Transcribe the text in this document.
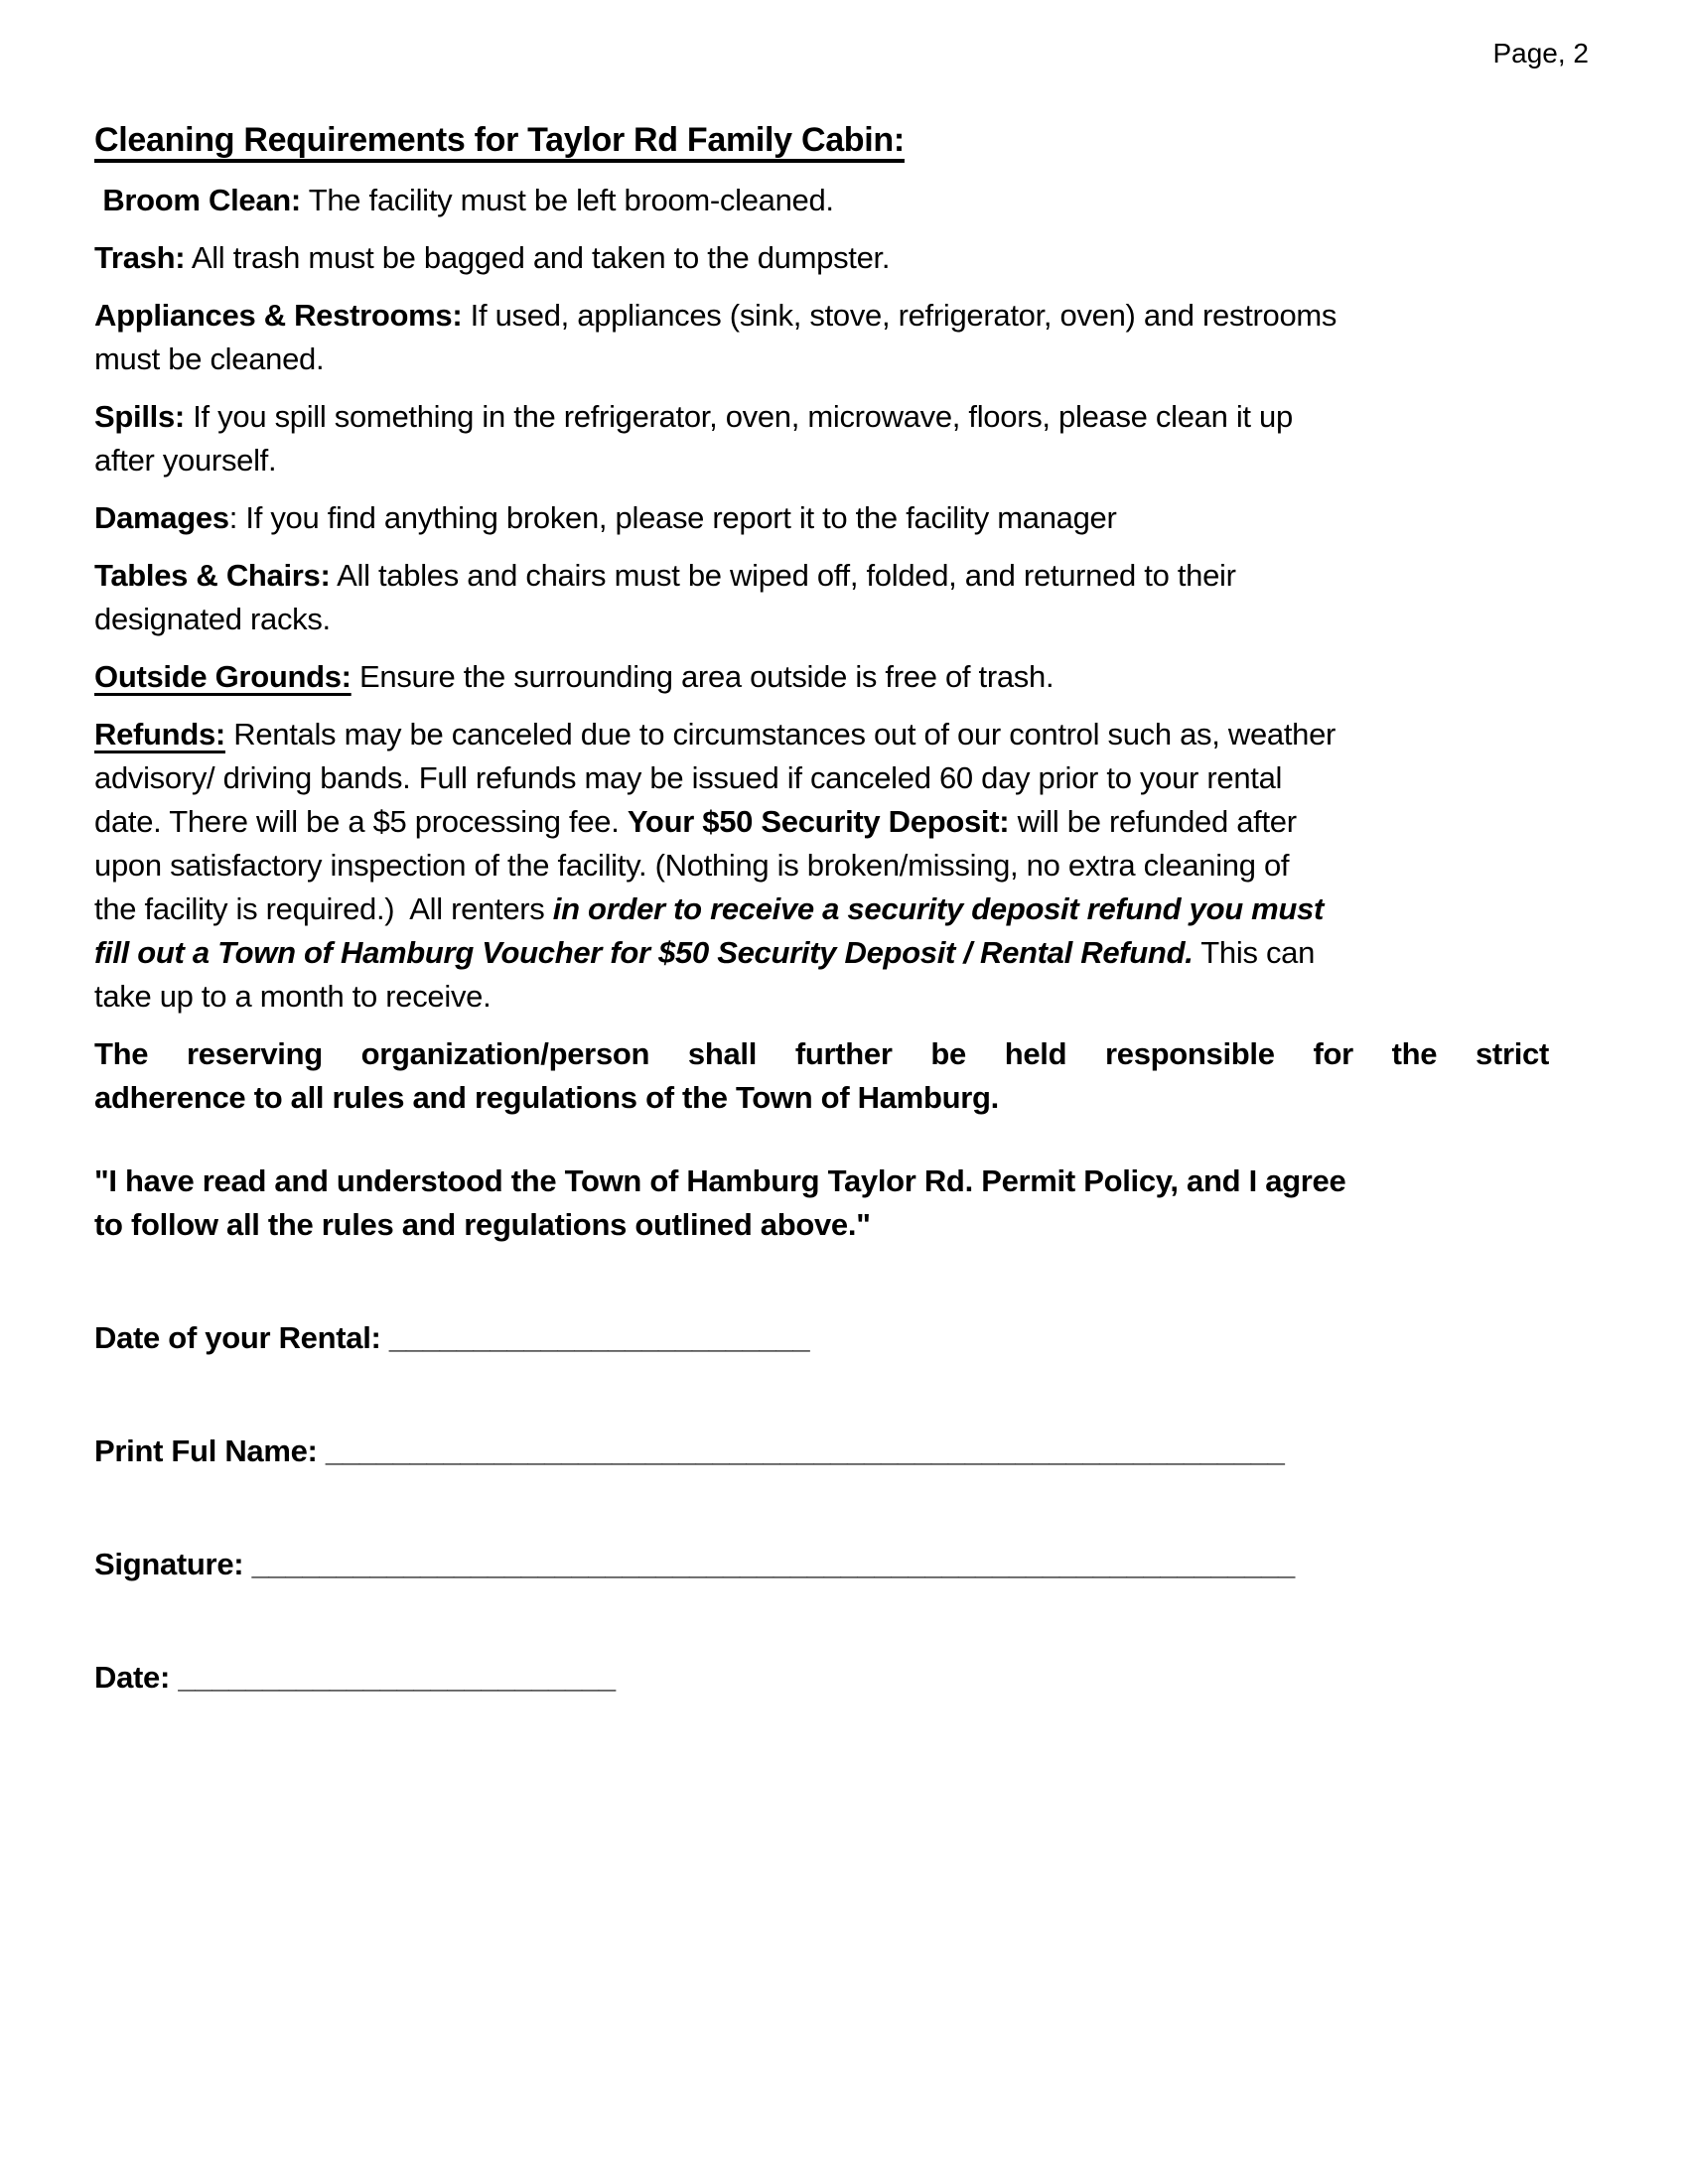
Page, 2
Cleaning Requirements for Taylor Rd Family Cabin:
Broom Clean: The facility must be left broom-cleaned.
Trash: All trash must be bagged and taken to the dumpster.
Appliances & Restrooms: If used, appliances (sink, stove, refrigerator, oven) and restrooms
must be cleaned.
Spills: If you spill something in the refrigerator, oven, microwave, floors, please clean it up
after yourself.
Damages: If you find anything broken, please report it to the facility manager
Tables & Chairs: All tables and chairs must be wiped off, folded, and returned to their
designated racks.
Outside Grounds: Ensure the surrounding area outside is free of trash.
Refunds: Rentals may be canceled due to circumstances out of our control such as, weather
advisory/ driving bands. Full refunds may be issued if canceled 60 day prior to your rental
date. There will be a $5 processing fee. Your $50 Security Deposit: will be refunded after
upon satisfactory inspection of the facility. (Nothing is broken/missing, no extra cleaning of
the facility is required.)  All renters in order to receive a security deposit refund you must
fill out a Town of Hamburg Voucher for $50 Security Deposit / Rental Refund. This can
take up to a month to receive.
The reserving organization/person shall further be held responsible for the strict
adherence to all rules and regulations of the Town of Hamburg.
"I have read and understood the Town of Hamburg Taylor Rd. Permit Policy, and I agree
to follow all the rules and regulations outlined above."
Date of your Rental: _________________________
Print Ful Name: _________________________________________________________
Signature: ______________________________________________________________
Date: __________________________
